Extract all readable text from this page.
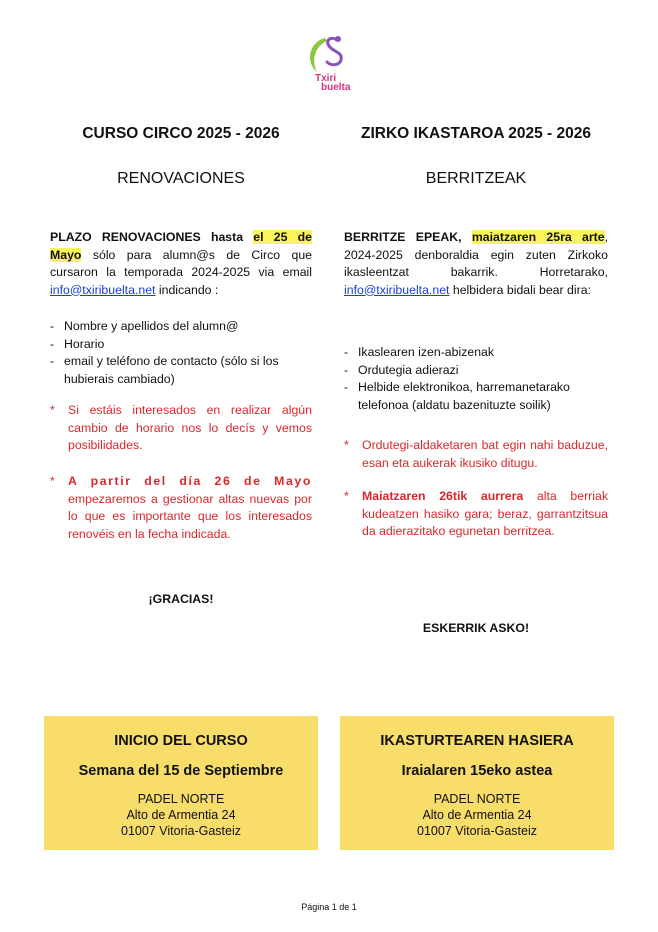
Txiri
buelta
CURSO CIRCO 2025 - 2026
RENOVACIONES

PLAZO RENOVACIONES hasta el 25 de Mayo sólo para alumn@s de Circo que cursaron la temporada 2024-2025 via email info@txiribuelta.net indicando :

- Nombre y apellidos del alumn@
- Horario
- email y teléfono de contacto (sólo si los hubierais cambiado)

* Si estáis interesados en realizar algún cambio de horario nos lo decís y vemos posibilidades.

* A partir del día 26 de Mayo empezaremos a gestionar altas nuevas por lo que es importante que los interesados renovéis en la fecha indicada.

¡GRACIAS!
ZIRKO IKASTAROA 2025 - 2026
BERRITZEAK

BERRITZE EPEAK, maiatzaren 25ra arte, 2024-2025 denboraldia egin zuten Zirkoko ikasleentzat bakarrik. Horretarako, info@txiribuelta.net helbidera bidali bear dira:

- Ikaslearen izen-abizenak
- Ordutegia adierazi
- Helbide elektronikoa, harremanetarako telefonoa (aldatu bazenituzte soilik)

* Ordutegi-aldaketaren bat egin nahi baduzue, esan eta aukerak ikusiko ditugu.

* Maiatzaren 26tik aurrera alta berriak kudeatzen hasiko gara; beraz, garrantzitsua da adierazitako egunetan berritzea.

ESKERRIK ASKO!
INICIO DEL CURSO
Semana del 15 de Septiembre
PADEL NORTE
Alto de Armentia 24
01007 Vitoria-Gasteiz
IKASTURTEAREN HASIERA
Iraialaren 15eko astea
PADEL NORTE
Alto de Armentia 24
01007 Vitoria-Gasteiz
Página 1 de 1
